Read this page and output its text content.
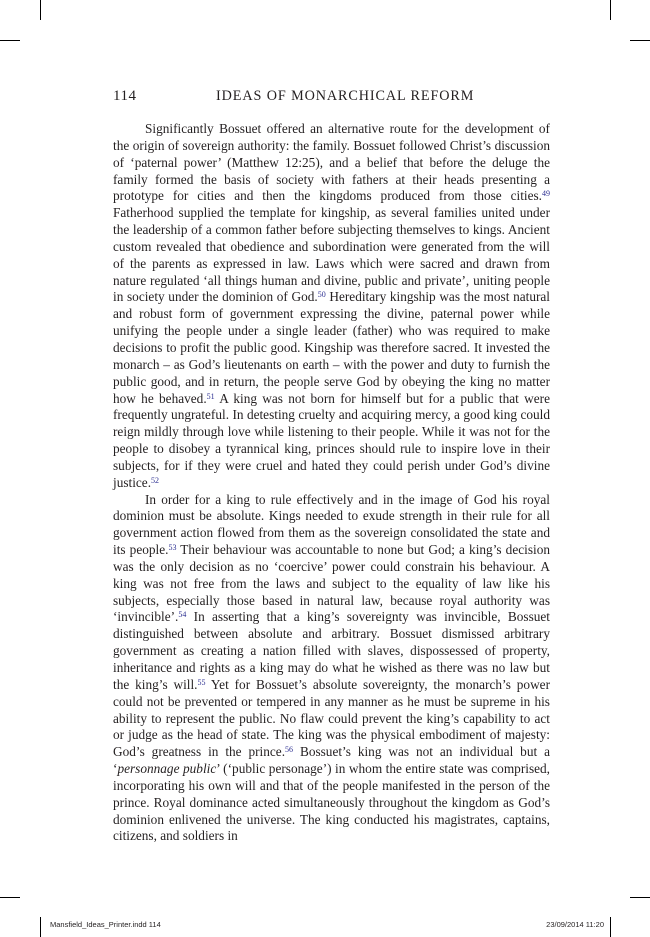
114	IDEAS OF MONARCHICAL REFORM

Significantly Bossuet offered an alternative route for the development of the origin of sovereign authority: the family. Bossuet followed Christ’s discussion of ‘paternal power’ (Matthew 12:25), and a belief that before the deluge the family formed the basis of society with fathers at their heads presenting a prototype for cities and then the kingdoms produced from those cities.$^{49}$ Fatherhood supplied the template for kingship, as several families united under the leadership of a common father before subjecting themselves to kings. Ancient custom revealed that obedience and subordination were generated from the will of the parents as expressed in law. Laws which were sacred and drawn from nature regulated ‘all things human and divine, public and private’, uniting people in society under the dominion of God.$^{50}$ Hereditary kingship was the most natural and robust form of government expressing the divine, paternal power while unifying the people under a single leader (father) who was required to make decisions to profit the public good. Kingship was therefore sacred. It invested the monarch – as God’s lieutenants on earth – with the power and duty to furnish the public good, and in return, the people serve God by obeying the king no matter how he behaved.$^{51}$ A king was not born for himself but for a public that were frequently ungrateful. In detesting cruelty and acquiring mercy, a good king could reign mildly through love while listening to their people. While it was not for the people to disobey a tyrannical king, princes should rule to inspire love in their subjects, for if they were cruel and hated they could perish under God’s divine justice.$^{52}$

In order for a king to rule effectively and in the image of God his royal dominion must be absolute. Kings needed to exude strength in their rule for all government action flowed from them as the sovereign consolidated the state and its people.$^{53}$ Their behaviour was accountable to none but God; a king’s decision was the only decision as no ‘coercive’ power could constrain his behaviour. A king was not free from the laws and subject to the equality of law like his subjects, especially those based in natural law, because royal authority was ‘invincible’.$^{54}$ In asserting that a king’s sovereignty was invincible, Bossuet distinguished between absolute and arbitrary. Bossuet dismissed arbitrary government as creating a nation filled with slaves, dispossessed of property, inheritance and rights as a king may do what he wished as there was no law but the king’s will.$^{55}$ Yet for Bossuet’s absolute sovereignty, the monarch’s power could not be prevented or tempered in any manner as he must be supreme in his ability to represent the public. No flaw could prevent the king’s capability to act or judge as the head of state. The king was the physical embodiment of majesty: God’s greatness in the prince.$^{56}$ Bossuet’s king was not an individual but a ‘personnage public’ (‘public personage’) in whom the entire state was comprised, incorporating his own will and that of the people manifested in the person of the prince. Royal dominance acted simultaneously throughout the kingdom as God’s dominion enlivened the universe. The king conducted his magistrates, captains, citizens, and soldiers in

Mansfield_Ideas_Printer.indd 114	23/09/2014 11:20
